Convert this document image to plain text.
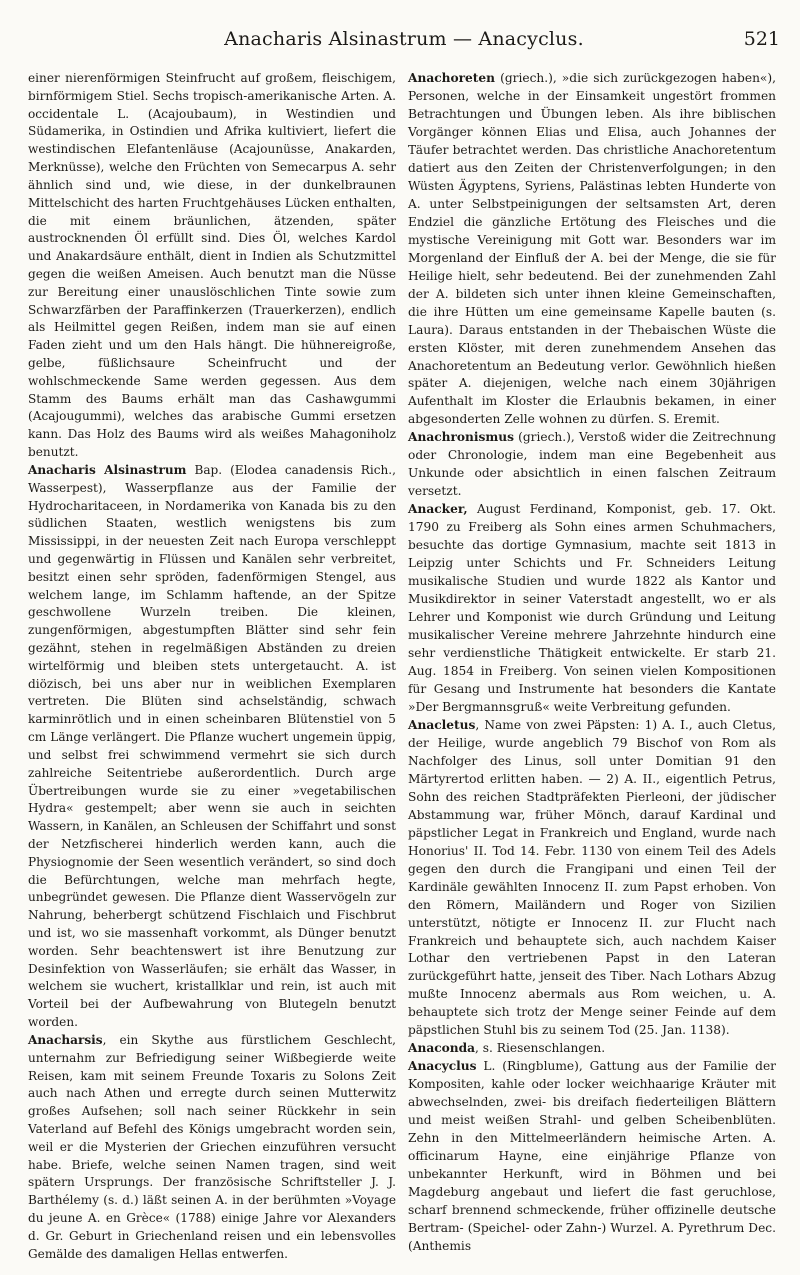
Anacharis Alsinastrum — Anacyclus.	521

einer nierenförmigen Steinfrucht auf großem, fleischigem, birnförmigem Stiel. Sechs tropisch-amerikanische Arten. A. occidentale L. (Acajoubaum), in Westindien und Südamerika, in Ostindien und Afrika kultiviert, liefert die westindischen Elefantenläuse (Acajounüsse, Anakarden, Merknüsse), welche den Früchten von Semecarpus A. sehr ähnlich sind und, wie diese, in der dunkelbraunen Mittelschicht des harten Fruchtgehäuses Lücken enthalten, die mit einem bräunlichen, ätzenden, später austrocknenden Öl erfüllt sind. Dies Öl, welches Kardol und Anakardsäure enthält, dient in Indien als Schutzmittel gegen die weißen Ameisen. Auch benutzt man die Nüsse zur Bereitung einer unauslöschlichen Tinte sowie zum Schwarzfärben der Paraffinkerzen (Trauerkerzen), endlich als Heilmittel gegen Reißen, indem man sie auf einen Faden zieht und um den Hals hängt. Die hühnereigroße, gelbe, füßlichsaure Scheinfrucht und der wohlschmeckende Same werden gegessen. Aus dem Stamm des Baums erhält man das Cashawgummi (Acajougummi), welches das arabische Gummi ersetzen kann. Das Holz des Baums wird als weißes Mahagoniholz benutzt.

Anacharis Alsinastrum Bap. (Elodea canadensis Rich., Wasserpest), Wasserpflanze aus der Familie der Hydrocharitaceen, in Nordamerika von Kanada bis zu den südlichen Staaten, westlich wenigstens bis zum Mississippi, in der neuesten Zeit nach Europa verschleppt und gegenwärtig in Flüssen und Kanälen sehr verbreitet, besitzt einen sehr spröden, fadenförmigen Stengel, aus welchem lange, im Schlamm haftende, an der Spitze geschwollene Wurzeln treiben. Die kleinen, zungenförmigen, abgestumpften Blätter sind sehr fein gezähnt, stehen in regelmäßigen Abständen zu dreien wirtelförmig und bleiben stets untergetaucht. A. ist diözisch, bei uns aber nur in weiblichen Exemplaren vertreten. Die Blüten sind achselständig, schwach karminrötlich und in einen scheinbaren Blütenstiel von 5 cm Länge verlängert. Die Pflanze wuchert ungemein üppig, und selbst frei schwimmend vermehrt sie sich durch zahlreiche Seitentriebe außerordentlich. Durch arge Übertreibungen wurde sie zu einer »vegetabilischen Hydra« gestempelt; aber wenn sie auch in seichten Wassern, in Kanälen, an Schleusen der Schiffahrt und sonst der Netzfischerei hinderlich werden kann, auch die Physiognomie der Seen wesentlich verändert, so sind doch die Befürchtungen, welche man mehrfach hegte, unbegründet gewesen. Die Pflanze dient Wasservögeln zur Nahrung, beherbergt schützend Fischlaich und Fischbrut und ist, wo sie massenhaft vorkommt, als Dünger benutzt worden. Sehr beachtenswert ist ihre Benutzung zur Desinfektion von Wasserläufen; sie erhält das Wasser, in welchem sie wuchert, kristallklar und rein, ist auch mit Vorteil bei der Aufbewahrung von Blutegeln benutzt worden.

Anacharsis, ein Skythe aus fürstlichem Geschlecht, unternahm zur Befriedigung seiner Wißbegierde weite Reisen, kam mit seinem Freunde Toxaris zu Solons Zeit auch nach Athen und erregte durch seinen Mutterwitz großes Aufsehen; soll nach seiner Rückkehr in sein Vaterland auf Befehl des Königs umgebracht worden sein, weil er die Mysterien der Griechen einzuführen versucht habe. Briefe, welche seinen Namen tragen, sind weit spätern Ursprungs. Der französische Schriftsteller J. J. Barthélemy (s. d.) läßt seinen A. in der berühmten »Voyage du jeune A. en Grèce« (1788) einige Jahre vor Alexanders d. Gr. Geburt in Griechenland reisen und ein lebensvolles Gemälde des damaligen Hellas entwerfen.

Anachoreten (griech.), »die sich zurückgezogen haben«), Personen, welche in der Einsamkeit ungestört frommen Betrachtungen und Übungen leben. Als ihre biblischen Vorgänger können Elias und Elisa, auch Johannes der Täufer betrachtet werden. Das christliche Anachoretentum datiert aus den Zeiten der Christenverfolgungen; in den Wüsten Ägyptens, Syriens, Palästinas lebten Hunderte von A. unter Selbstpeinigungen der seltsamsten Art, deren Endziel die gänzliche Ertötung des Fleisches und die mystische Vereinigung mit Gott war. Besonders war im Morgenland der Einfluß der A. bei der Menge, die sie für Heilige hielt, sehr bedeutend. Bei der zunehmenden Zahl der A. bildeten sich unter ihnen kleine Gemeinschaften, die ihre Hütten um eine gemeinsame Kapelle bauten (s. Laura). Daraus entstanden in der Thebaischen Wüste die ersten Klöster, mit deren zunehmendem Ansehen das Anachoretentum an Bedeutung verlor. Gewöhnlich hießen später A. diejenigen, welche nach einem 30jährigen Aufenthalt im Kloster die Erlaubnis bekamen, in einer abgesonderten Zelle wohnen zu dürfen. S. Eremit.

Anachronismus (griech.), Verstoß wider die Zeitrechnung oder Chronologie, indem man eine Begebenheit aus Unkunde oder absichtlich in einen falschen Zeitraum versetzt.

Anacker, August Ferdinand, Komponist, geb. 17. Okt. 1790 zu Freiberg als Sohn eines armen Schuhmachers, besuchte das dortige Gymnasium, machte seit 1813 in Leipzig unter Schichts und Fr. Schneiders Leitung musikalische Studien und wurde 1822 als Kantor und Musikdirektor in seiner Vaterstadt angestellt, wo er als Lehrer und Komponist wie durch Gründung und Leitung musikalischer Vereine mehrere Jahrzehnte hindurch eine sehr verdienstliche Thätigkeit entwickelte. Er starb 21. Aug. 1854 in Freiberg. Von seinen vielen Kompositionen für Gesang und Instrumente hat besonders die Kantate »Der Bergmannsgruß« weite Verbreitung gefunden.

Anacletus, Name von zwei Päpsten: 1) A. I., auch Cletus, der Heilige, wurde angeblich 79 Bischof von Rom als Nachfolger des Linus, soll unter Domitian 91 den Märtyrertod erlitten haben. — 2) A. II., eigentlich Petrus, Sohn des reichen Stadtpräfekten Pierleoni, der jüdischer Abstammung war, früher Mönch, darauf Kardinal und päpstlicher Legat in Frankreich und England, wurde nach Honorius' II. Tod 14. Febr. 1130 von einem Teil des Adels gegen den durch die Frangipani und einen Teil der Kardinäle gewählten Innocenz II. zum Papst erhoben. Von den Römern, Mailändern und Roger von Sizilien unterstützt, nötigte er Innocenz II. zur Flucht nach Frankreich und behauptete sich, auch nachdem Kaiser Lothar den vertriebenen Papst in den Lateran zurückgeführt hatte, jenseit des Tiber. Nach Lothars Abzug mußte Innocenz abermals aus Rom weichen, u. A. behauptete sich trotz der Menge seiner Feinde auf dem päpstlichen Stuhl bis zu seinem Tod (25. Jan. 1138).

Anaconda, s. Riesenschlangen.

Anacyclus L. (Ringblume), Gattung aus der Familie der Kompositen, kahle oder locker weichhaarige Kräuter mit abwechselnden, zwei- bis dreifach fiederteiligen Blättern und meist weißen Strahl- und gelben Scheibenblüten. Zehn in den Mittelmeerländern heimische Arten. A. officinarum Hayne, eine einjährige Pflanze von unbekannter Herkunft, wird in Böhmen und bei Magdeburg angebaut und liefert die fast geruchlose, scharf brennend schmeckende, früher offizinelle deutsche Bertram- (Speichel- oder Zahn-) Wurzel. A. Pyrethrum Dec. (Anthemis
